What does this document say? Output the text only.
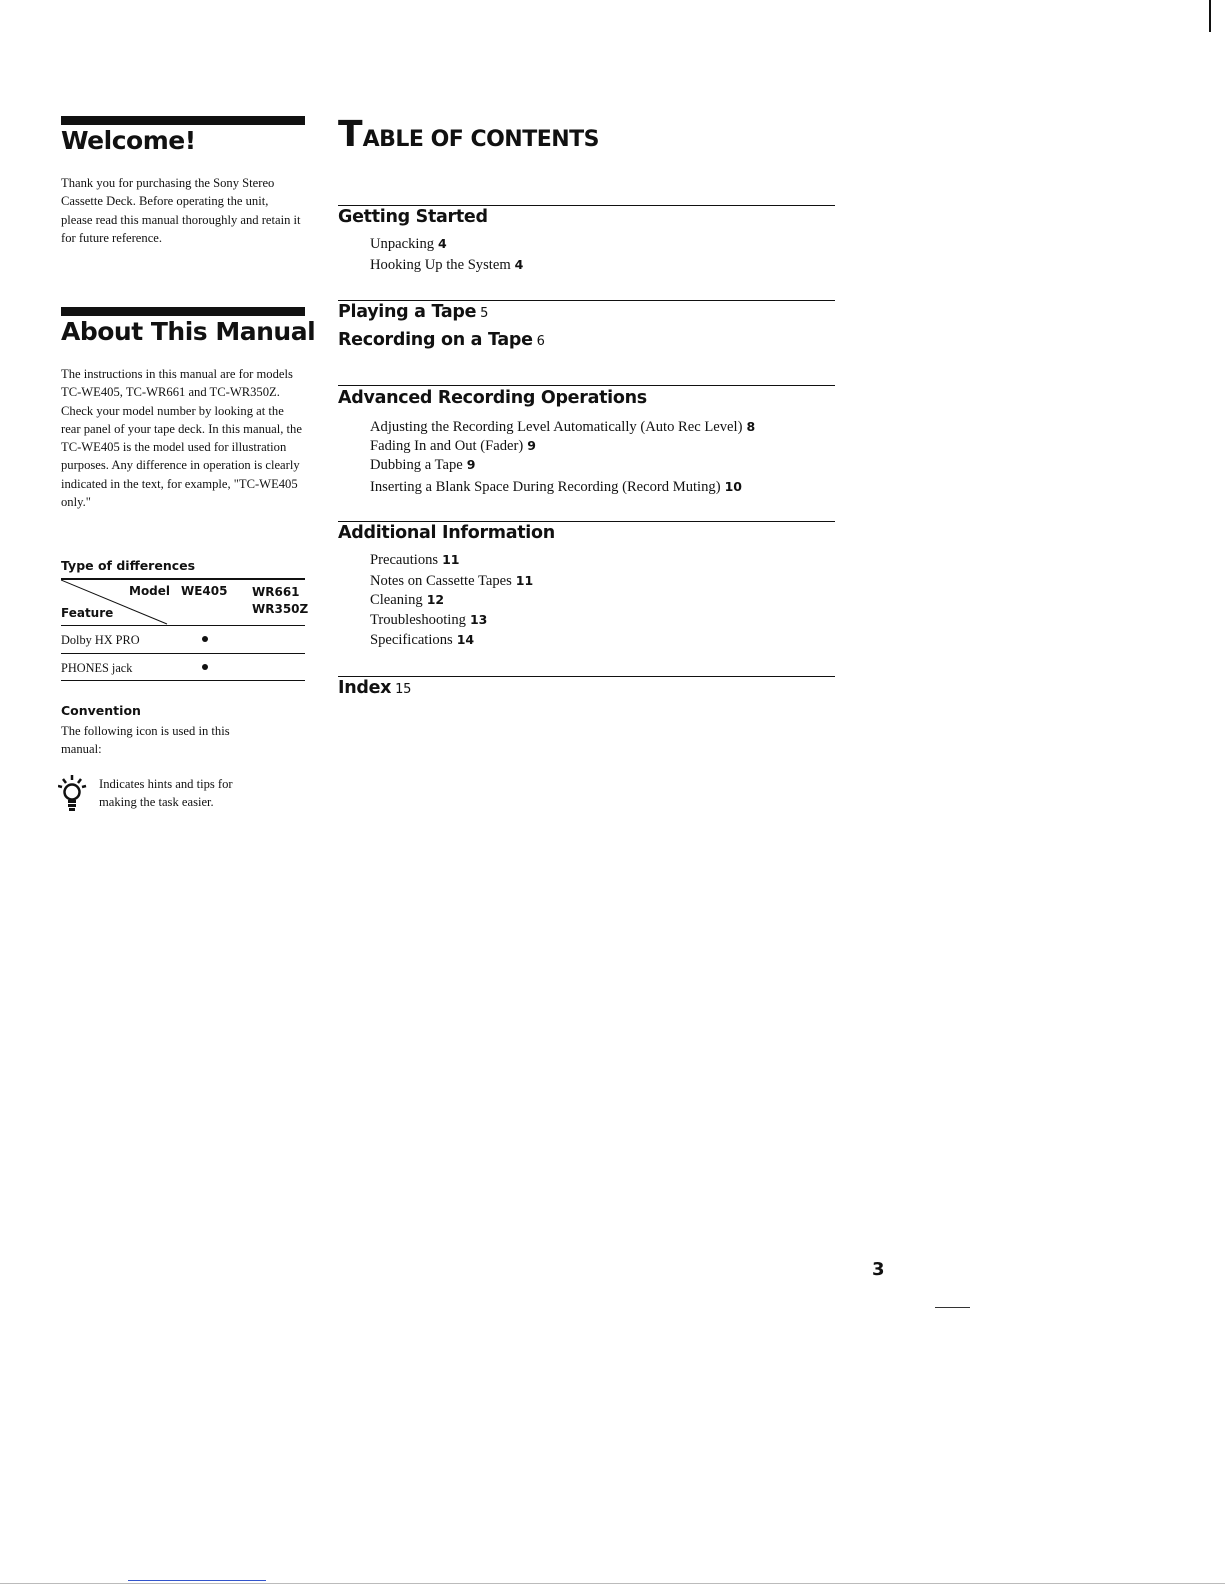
Welcome!
Thank you for purchasing the Sony Stereo Cassette Deck. Before operating the unit, please read this manual thoroughly and retain it for future reference.
About This Manual
The instructions in this manual are for models TC-WE405, TC-WR661 and TC-WR350Z. Check your model number by looking at the rear panel of your tape deck. In this manual, the TC-WE405 is the model used for illustration purposes. Any difference in operation is clearly indicated in the text, for example, "TC-WE405 only."
Type of differences
Model
Feature
WE405 WR661
WR350Z
Dolby HX PRO
PHONES jack
Convention
The following icon is used in this manual:
Indicates hints and tips for
making the task easier.
TABLE OF CONTENTS
Getting Started
Unpacking 4
Hooking Up the System 4
Playing a Tape 5
Recording on a Tape 6
Advanced Recording Operations
Adjusting the Recording Level Automatically (Auto Rec Level) 8
Fading In and Out (Fader) 9
Dubbing a Tape 9
Inserting a Blank Space During Recording (Record Muting) 10
Additional Information
Precautions 11
Notes on Cassette Tapes 11
Cleaning 12
Troubleshooting 13
Specifications 14
Index 15
3
